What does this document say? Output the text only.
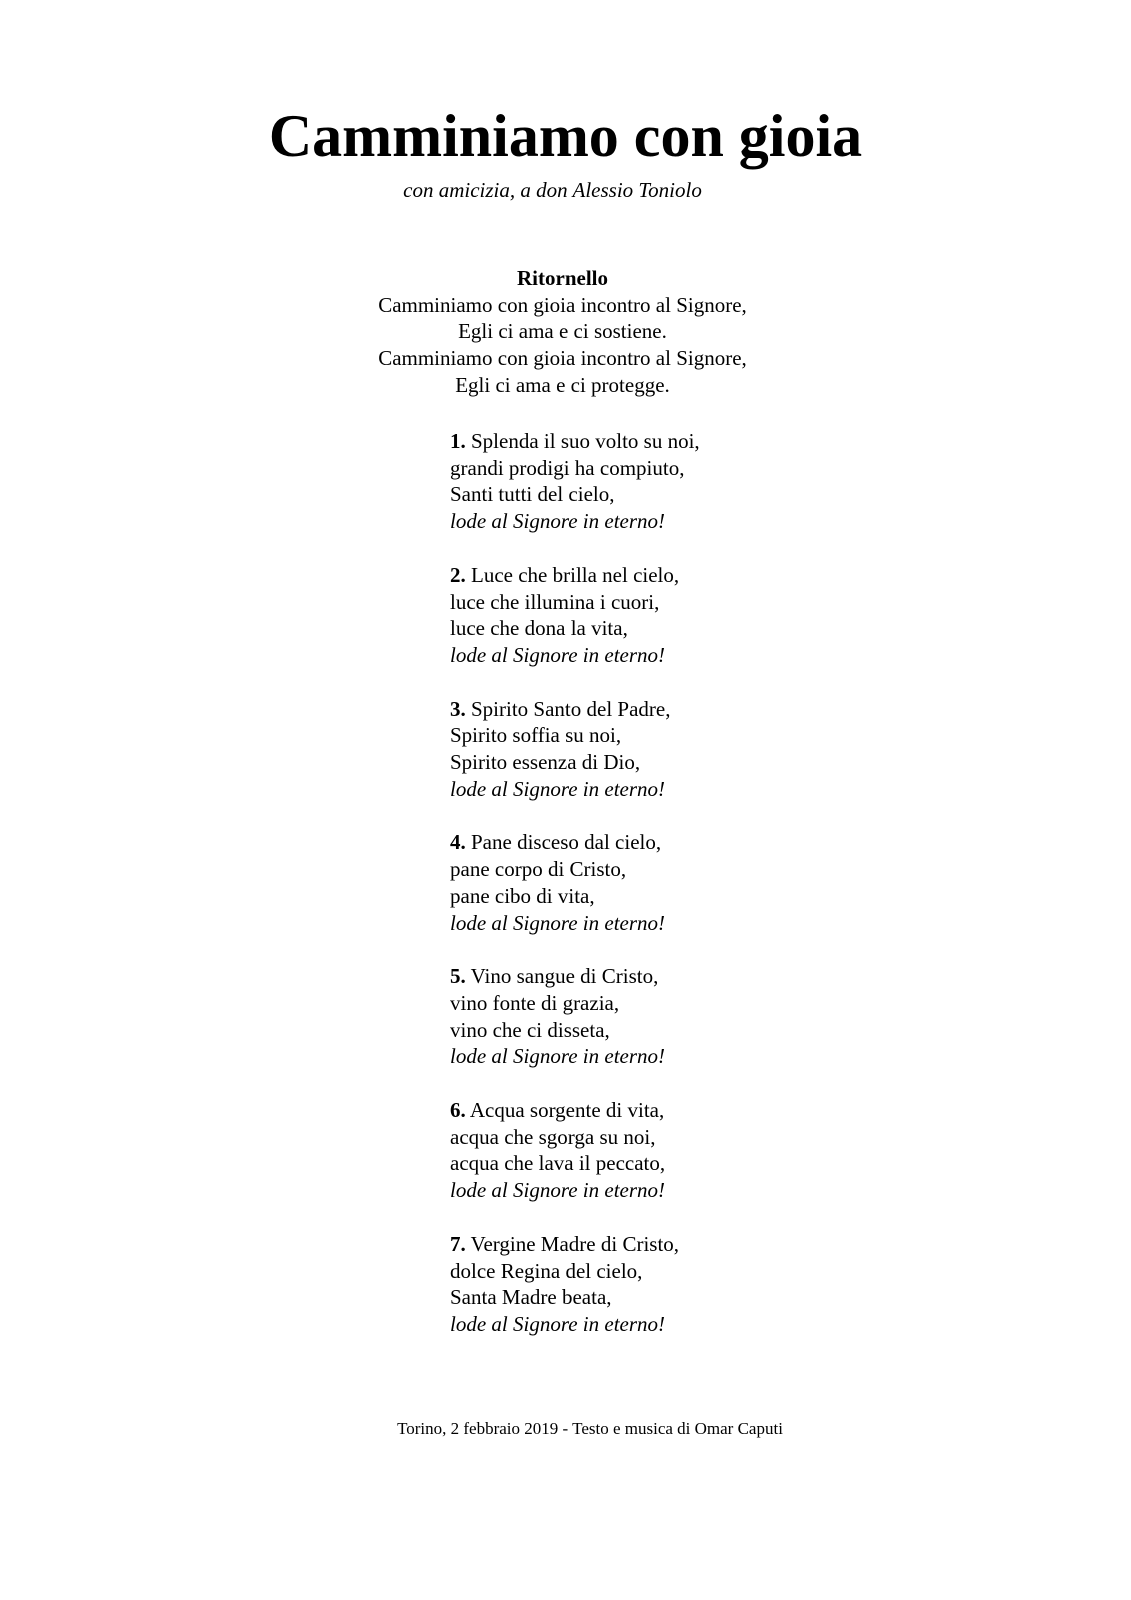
Camminiamo con gioia
con amicizia, a don Alessio Toniolo
Ritornello
Camminiamo con gioia incontro al Signore,
Egli ci ama e ci sostiene.
Camminiamo con gioia incontro al Signore,
Egli ci ama e ci protegge.
1. Splenda il suo volto su noi,
grandi prodigi ha compiuto,
Santi tutti del cielo,
lode al Signore in eterno!
2. Luce che brilla nel cielo,
luce che illumina i cuori,
luce che dona la vita,
lode al Signore in eterno!
3. Spirito Santo del Padre,
Spirito soffia su noi,
Spirito essenza di Dio,
lode al Signore in eterno!
4. Pane disceso dal cielo,
pane corpo di Cristo,
pane cibo di vita,
lode al Signore in eterno!
5. Vino sangue di Cristo,
vino fonte di grazia,
vino che ci disseta,
lode al Signore in eterno!
6. Acqua sorgente di vita,
acqua che sgorga su noi,
acqua che lava il peccato,
lode al Signore in eterno!
7. Vergine Madre di Cristo,
dolce Regina del cielo,
Santa Madre beata,
lode al Signore in eterno!
Torino, 2 febbraio 2019 - Testo e musica di Omar Caputi
